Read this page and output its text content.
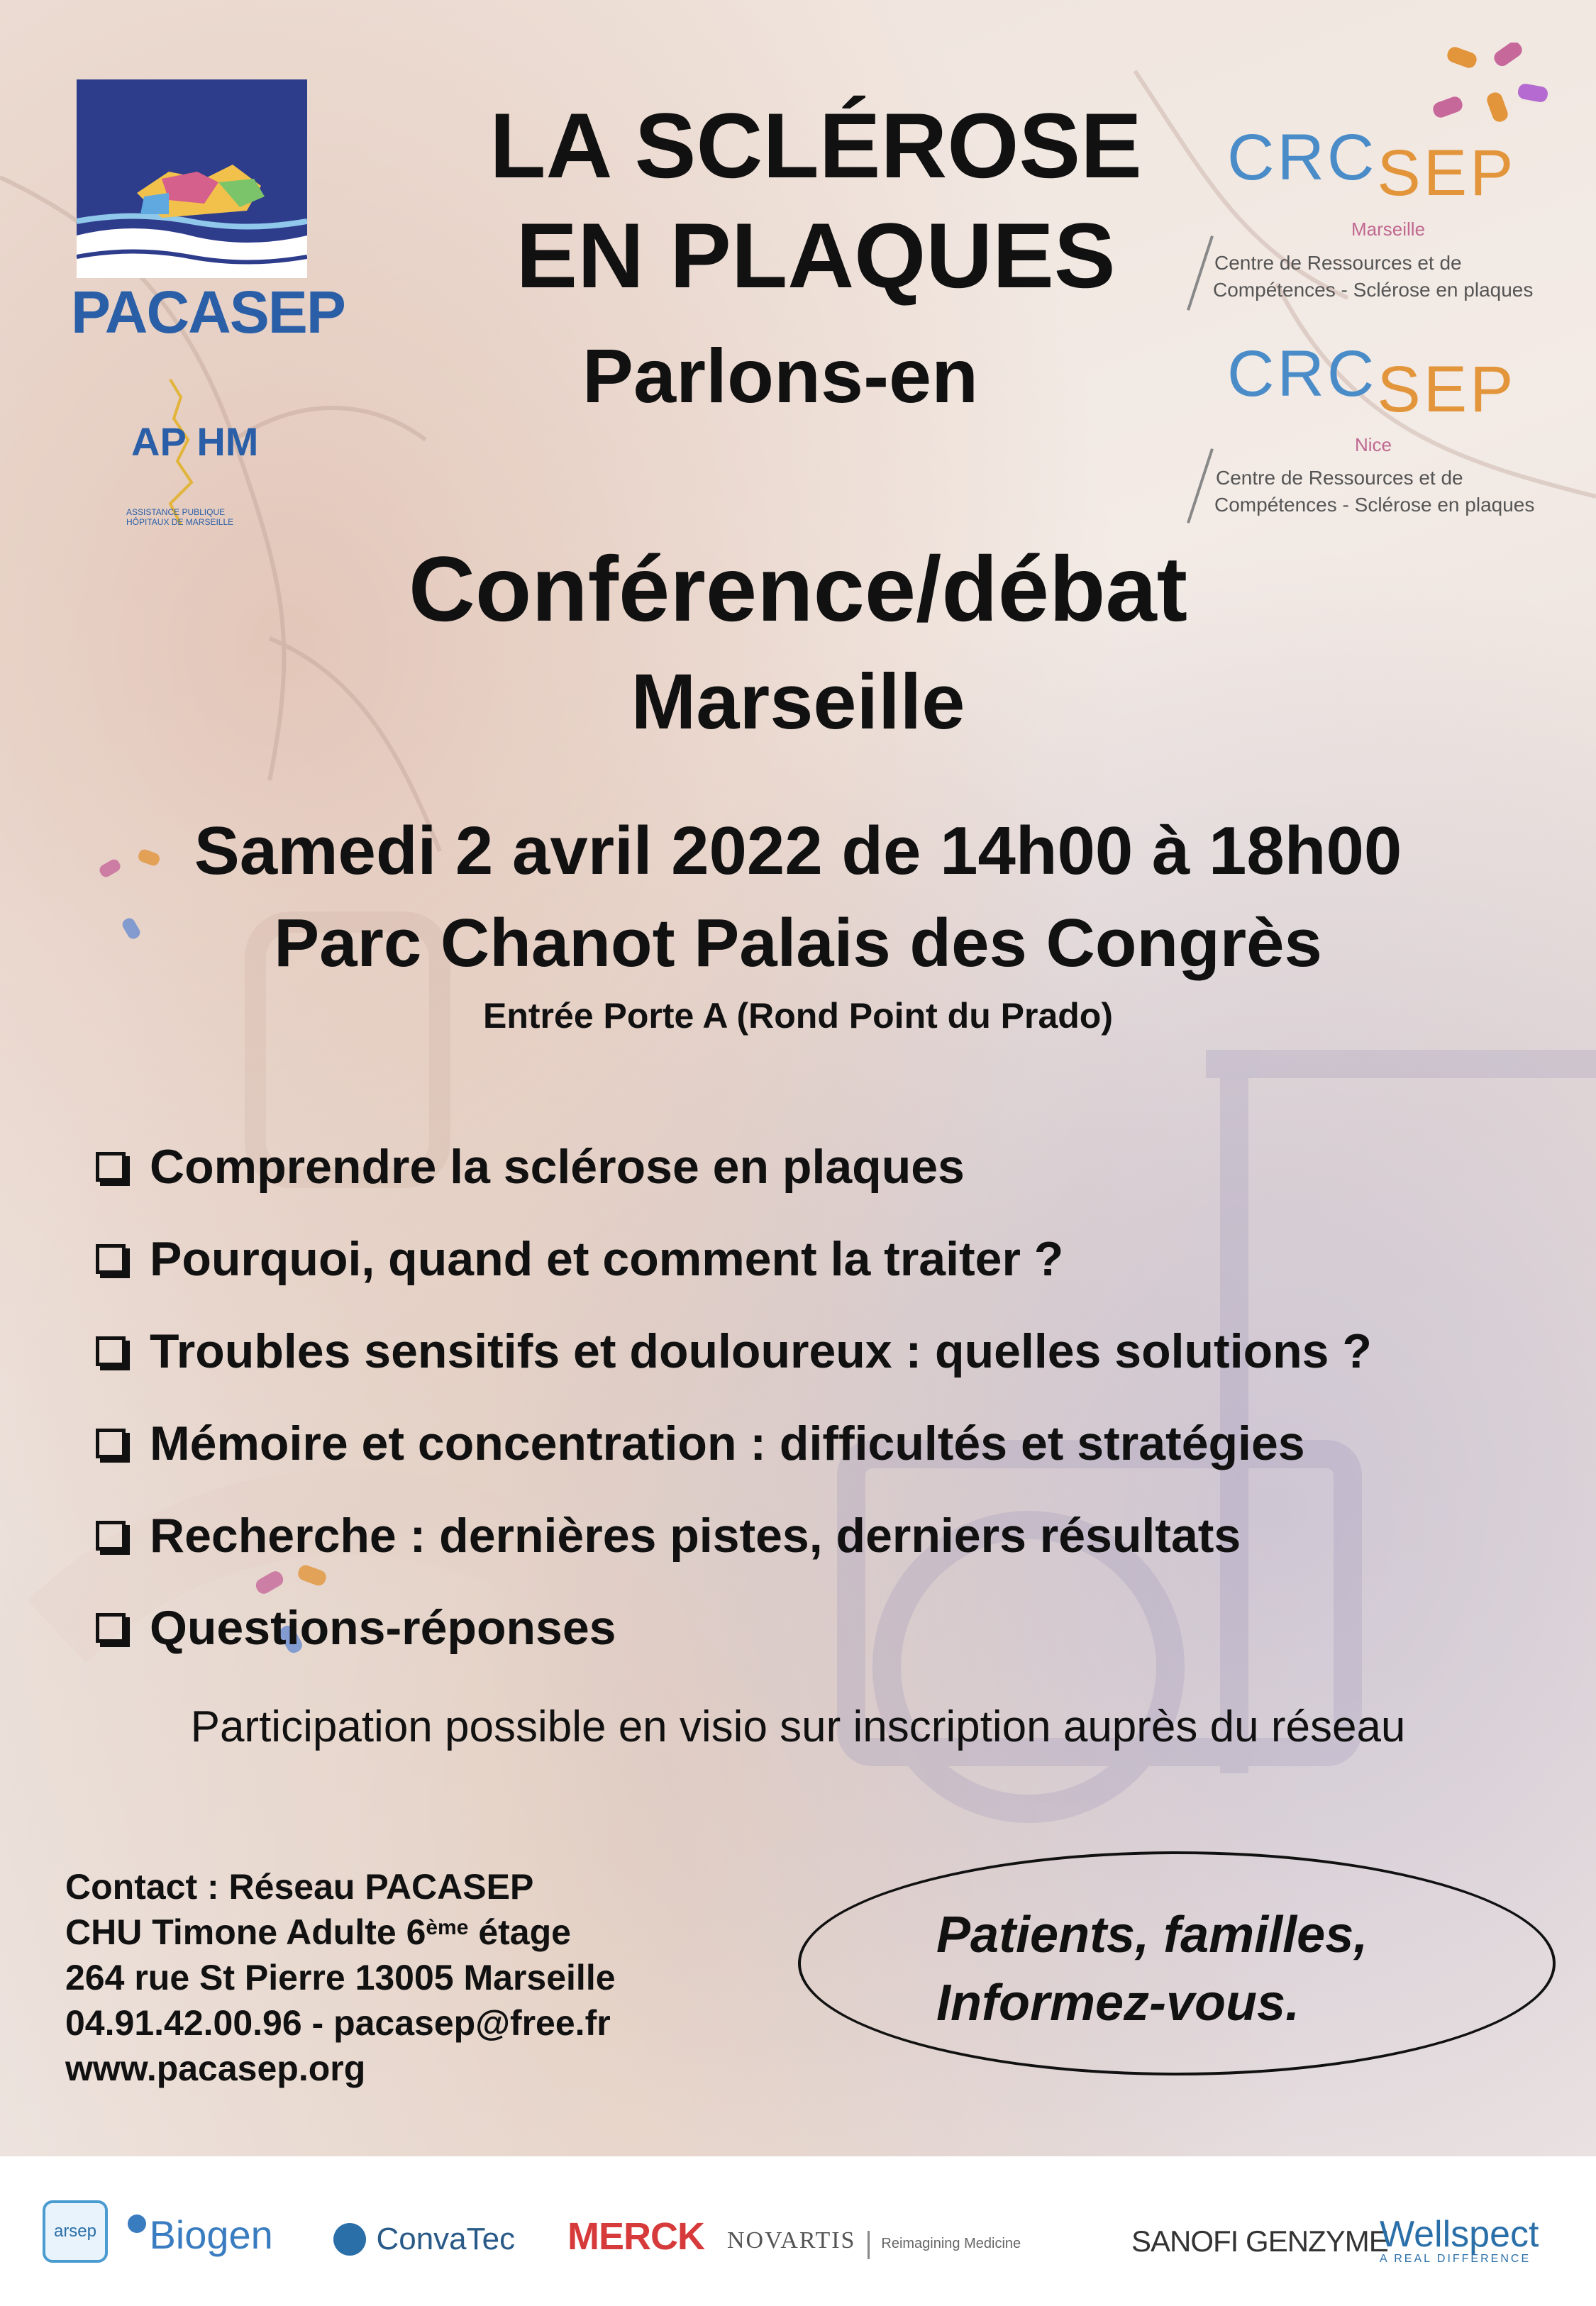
PACASEP
AP HM
ASSISTANCE PUBLIQUE HÔPITAUX DE MARSEILLE
CRCSEP
Marseille
Centre de Ressources et de
Compétences - Sclérose en plaques
CRCSEP
Nice
Centre de Ressources et de
Compétences - Sclérose en plaques
LA SCLÉROSE
EN PLAQUES
Parlons-en
Conférence/débat
Marseille
Samedi 2 avril 2022 de 14h00 à 18h00
Parc Chanot Palais des Congrès
Entrée Porte A (Rond Point du Prado)
Comprendre la sclérose en plaques
Pourquoi, quand et comment la traiter ?
Troubles sensitifs et douloureux : quelles solutions ?
Mémoire et concentration : difficultés et stratégies
Recherche : dernières pistes, derniers résultats
Questions-réponses
Participation possible en visio sur inscription auprès du réseau
Contact : Réseau PACASEP
CHU Timone Adulte 6ème étage
264 rue St Pierre 13005 Marseille
04.91.42.00.96 - pacasep@free.fr
www.pacasep.org
Patients, familles,
Informez-vous.
arsep	Biogen	ConvaTec MERCK NOVARTIS Reimagining Medicine	SANOFI GENZYME
Wellspect
A REAL DIFFERENCE
